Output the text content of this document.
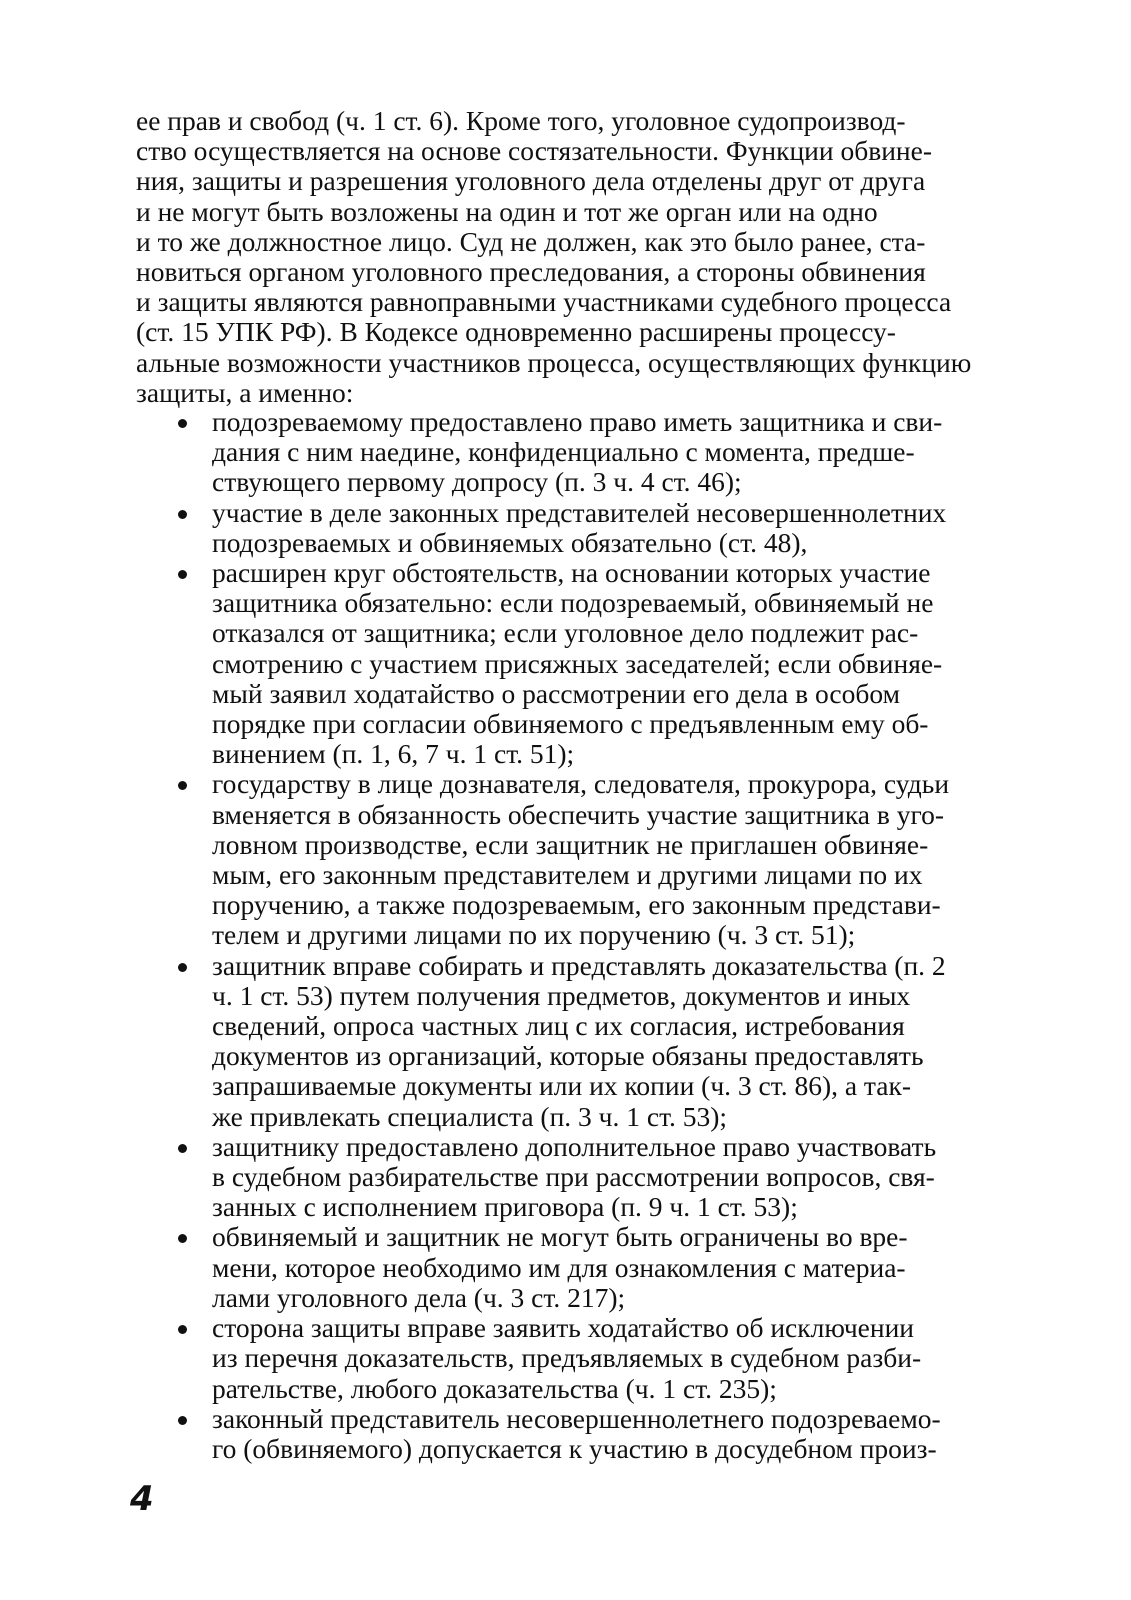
ее прав и свобод (ч. 1 ст. 6). Кроме того, уголовное судопроизвод-
ство осуществляется на основе состязательности. Функции обвине-
ния, защиты и разрешения уголовного дела отделены друг от друга
и не могут быть возложены на один и тот же орган или на одно
и то же должностное лицо. Суд не должен, как это было ранее, ста-
новиться органом уголовного преследования, а стороны обвинения
и защиты являются равноправными участниками судебного процесса
(ст. 15 УПК РФ). В Кодексе одновременно расширены процессу-
альные возможности участников процесса, осуществляющих функцию
защиты, а именно:
подозреваемому предоставлено право иметь защитника и сви-
дания с ним наедине, конфиденциально с момента, предше-
ствующего первому допросу (п. 3 ч. 4 ст. 46);
участие в деле законных представителей несовершеннолетних
подозреваемых и обвиняемых обязательно (ст. 48),
расширен круг обстоятельств, на основании которых участие
защитника обязательно: если подозреваемый, обвиняемый не
отказался от защитника; если уголовное дело подлежит рас-
смотрению с участием присяжных заседателей; если обвиняе-
мый заявил ходатайство о рассмотрении его дела в особом
порядке при согласии обвиняемого с предъявленным ему об-
винением (п. 1, 6, 7 ч. 1 ст. 51);
государству в лице дознавателя, следователя, прокурора, судьи
вменяется в обязанность обеспечить участие защитника в уго-
ловном производстве, если защитник не приглашен обвиняе-
мым, его законным представителем и другими лицами по их
поручению, а также подозреваемым, его законным представи-
телем и другими лицами по их поручению (ч. 3 ст. 51);
защитник вправе собирать и представлять доказательства (п. 2
ч. 1 ст. 53) путем получения предметов, документов и иных
сведений, опроса частных лиц с их согласия, истребования
документов из организаций, которые обязаны предоставлять
запрашиваемые документы или их копии (ч. 3 ст. 86), а так-
же привлекать специалиста (п. 3 ч. 1 ст. 53);
защитнику предоставлено дополнительное право участвовать
в судебном разбирательстве при рассмотрении вопросов, свя-
занных с исполнением приговора (п. 9 ч. 1 ст. 53);
обвиняемый и защитник не могут быть ограничены во вре-
мени, которое необходимо им для ознакомления с материа-
лами уголовного дела (ч. 3 ст. 217);
сторона защиты вправе заявить ходатайство об исключении
из перечня доказательств, предъявляемых в судебном разби-
рательстве, любого доказательства (ч. 1 ст. 235);
законный представитель несовершеннолетнего подозреваемо-
го (обвиняемого) допускается к участию в досудебном произ-
4
